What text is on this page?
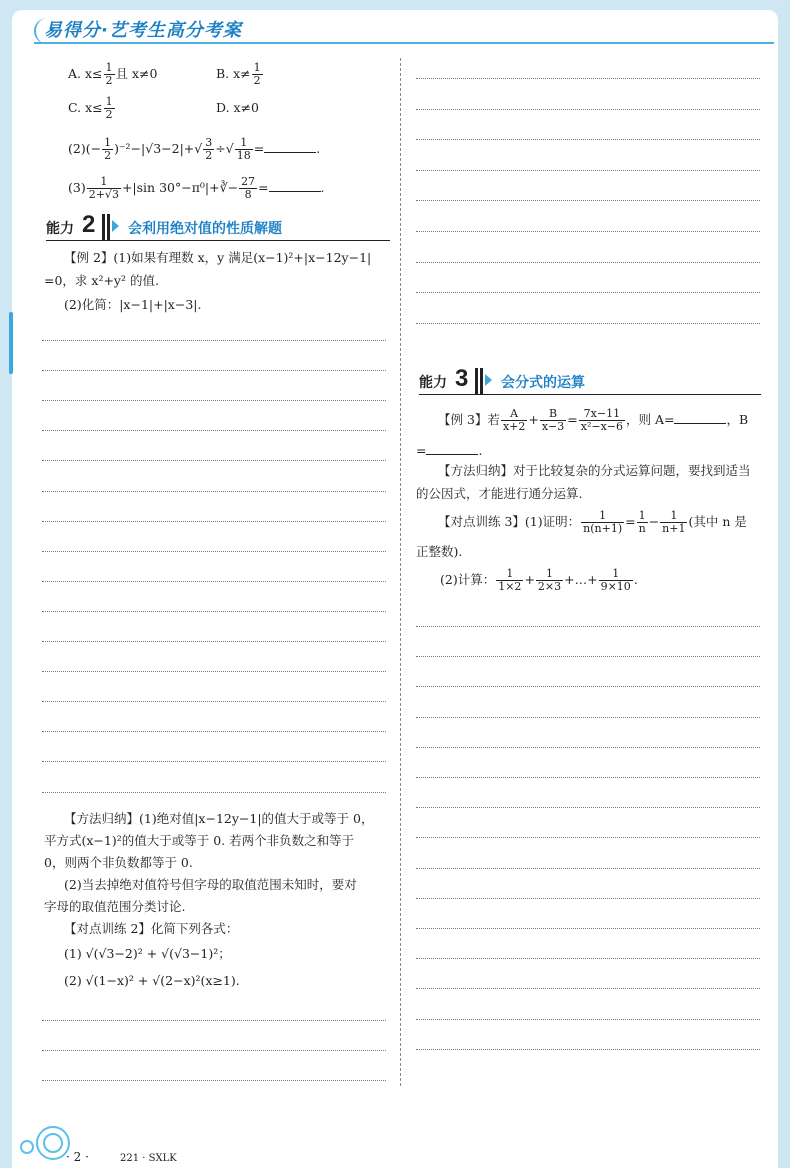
易得分·艺考生高分考案
A. $x\le \frac{1}{2}$ 且 x≠0	B. $x\ne \frac{1}{2}$
C. $x\le \frac{1}{2}$	D. x≠0
$(2)(- \frac{1}{2} )^{-2}-|√3-2|+√ \frac{3}{2}$ ÷√ $\frac{1}{18}$ =	.
$(3) \frac{1}{2+√3} +|\sin$ 30°−π⁰|+∛− $\frac{27}{8}$ =	.
能力 2 会利用绝对值的性质解题
【例 2】(1)如果有理数 x，y 满足(x−1)²+|x−12y−1|
=0，求 x²+y² 的值.
(2)化简：|x−1|+|x−3|.
【方法归纳】(1)绝对值|x−12y−1|的值大于或等于 0，
平方式(x−1)²的值大于或等于 0. 若两个非负数之和等于
0，则两个非负数都等于 0.
(2)当去掉绝对值符号但字母的取值范围未知时，要对
字母的取值范围分类讨论.
【对点训练 2】化简下列各式：
(1) √(√3−2)² + √(√3−1)²；
(2) √(1−x)² + √(2−x)²(x≥1).
能力 3 会分式的运算
【例 3】若 $\frac{A}{x+2} + \frac{B}{x-3} = \frac{7x-11}{\text{x²−x−6}}$ ，则 A=	，B
=	.
【方法归纳】对于比较复杂的分式运算问题，要找到适当
的公因式，才能进行通分运算.
【对点训练 3】(1)证明： $\frac{1}{n(n+1)} = \frac{1}{n} - \frac{1}{n+1}$ (其中 n 是
正整数).
(2)计算： $\frac{1}{1\times 2} + \frac{1}{2\times 3}$ +…+ $\frac{1}{9\times 10}$ .
· 2 ·	221 · SXLK
